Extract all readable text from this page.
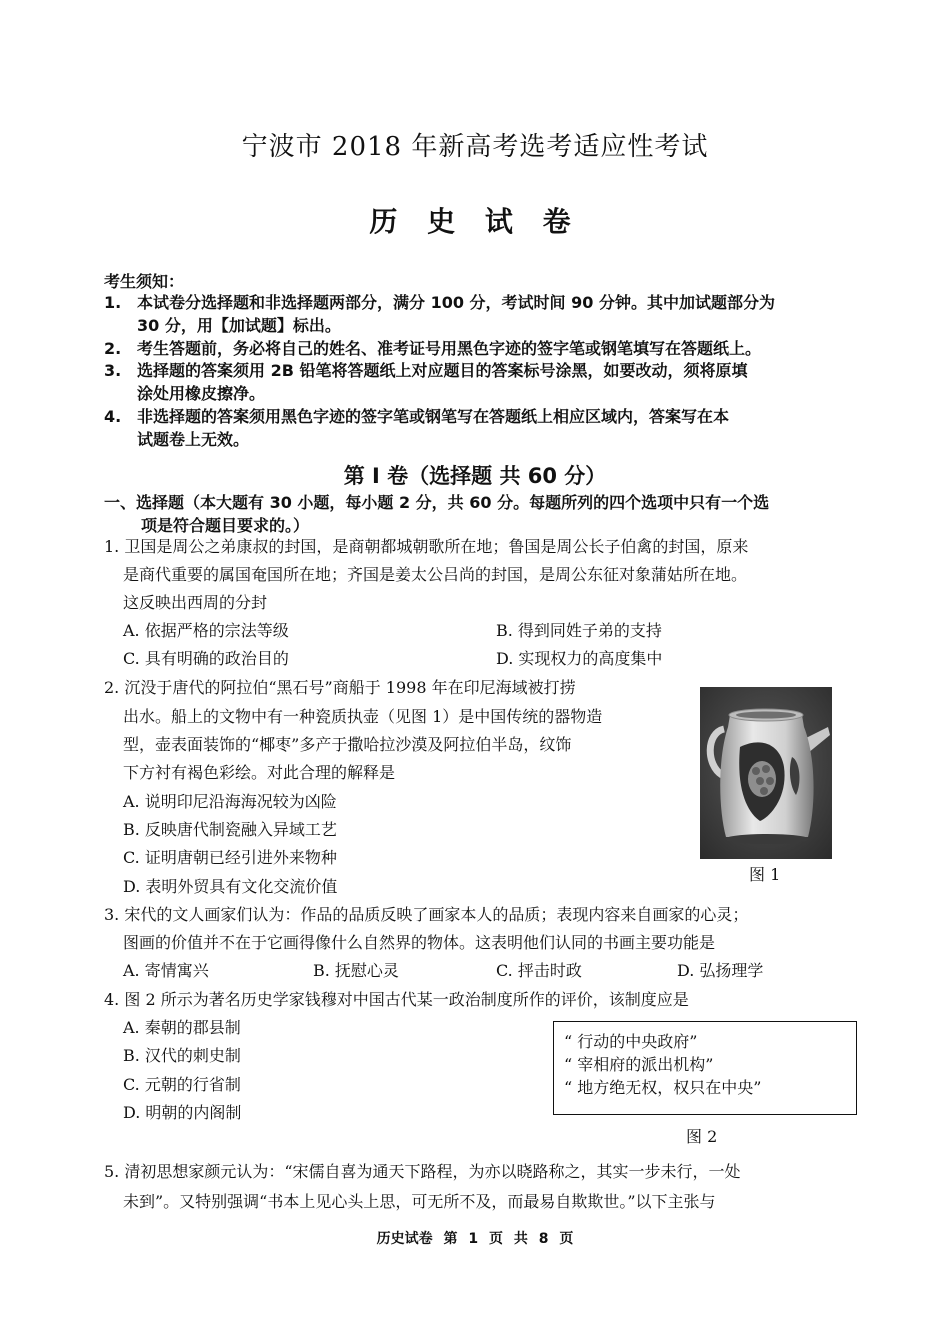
宁波市 2018 年新高考选考适应性考试
历 史 试 卷
考生须知：
1. 本试卷分选择题和非选择题两部分，满分 100 分，考试时间 90 分钟。其中加试题部分为
30 分，用【加试题】标出。
2. 考生答题前，务必将自己的姓名、准考证号用黑色字迹的签字笔或钢笔填写在答题纸上。
3. 选择题的答案须用 2B 铅笔将答题纸上对应题目的答案标号涂黑，如要改动，须将原填
涂处用橡皮擦净。
4. 非选择题的答案须用黑色字迹的签字笔或钢笔写在答题纸上相应区域内，答案写在本
试题卷上无效。
第 Ⅰ 卷（选择题 共 60 分）
一、选择题（本大题有 30 小题，每小题 2 分，共 60 分。每题所列的四个选项中只有一个选
项是符合题目要求的。）
1. 卫国是周公之弟康叔的封国，是商朝都城朝歌所在地；鲁国是周公长子伯禽的封国，原来
是商代重要的属国奄国所在地；齐国是姜太公吕尚的封国，是周公东征对象蒲姑所在地。
这反映出西周的分封
A. 依据严格的宗法等级	B. 得到同姓子弟的支持
C. 具有明确的政治目的	D. 实现权力的高度集中
2. 沉没于唐代的阿拉伯“黑石号”商船于 1998 年在印尼海域被打捞
出水。船上的文物中有一种瓷质执壶（见图 1）是中国传统的器物造
型，壶表面装饰的“椰枣”多产于撒哈拉沙漠及阿拉伯半岛，纹饰
下方衬有褐色彩绘。对此合理的解释是
A. 说明印尼沿海海况较为凶险
B. 反映唐代制瓷融入异域工艺
C. 证明唐朝已经引进外来物种
D. 表明外贸具有文化交流价值
图 1
3. 宋代的文人画家们认为：作品的品质反映了画家本人的品质；表现内容来自画家的心灵；
图画的价值并不在于它画得像什么自然界的物体。这表明他们认同的书画主要功能是
A. 寄情寓兴	B. 抚慰心灵	C. 抨击时政	D. 弘扬理学
4. 图 2 所示为著名历史学家钱穆对中国古代某一政治制度所作的评价，该制度应是
A. 秦朝的郡县制
B. 汉代的刺史制
C. 元朝的行省制
D. 明朝的内阁制
“ 行动的中央政府”
“ 宰相府的派出机构”
“ 地方绝无权，权只在中央”
图 2
5. 清初思想家颜元认为：“宋儒自喜为通天下路程，为亦以晓路称之，其实一步未行，一处
未到”。又特别强调“书本上见心头上思，可无所不及，而最易自欺欺世。”以下主张与
历史试卷 第 1 页 共 8 页
